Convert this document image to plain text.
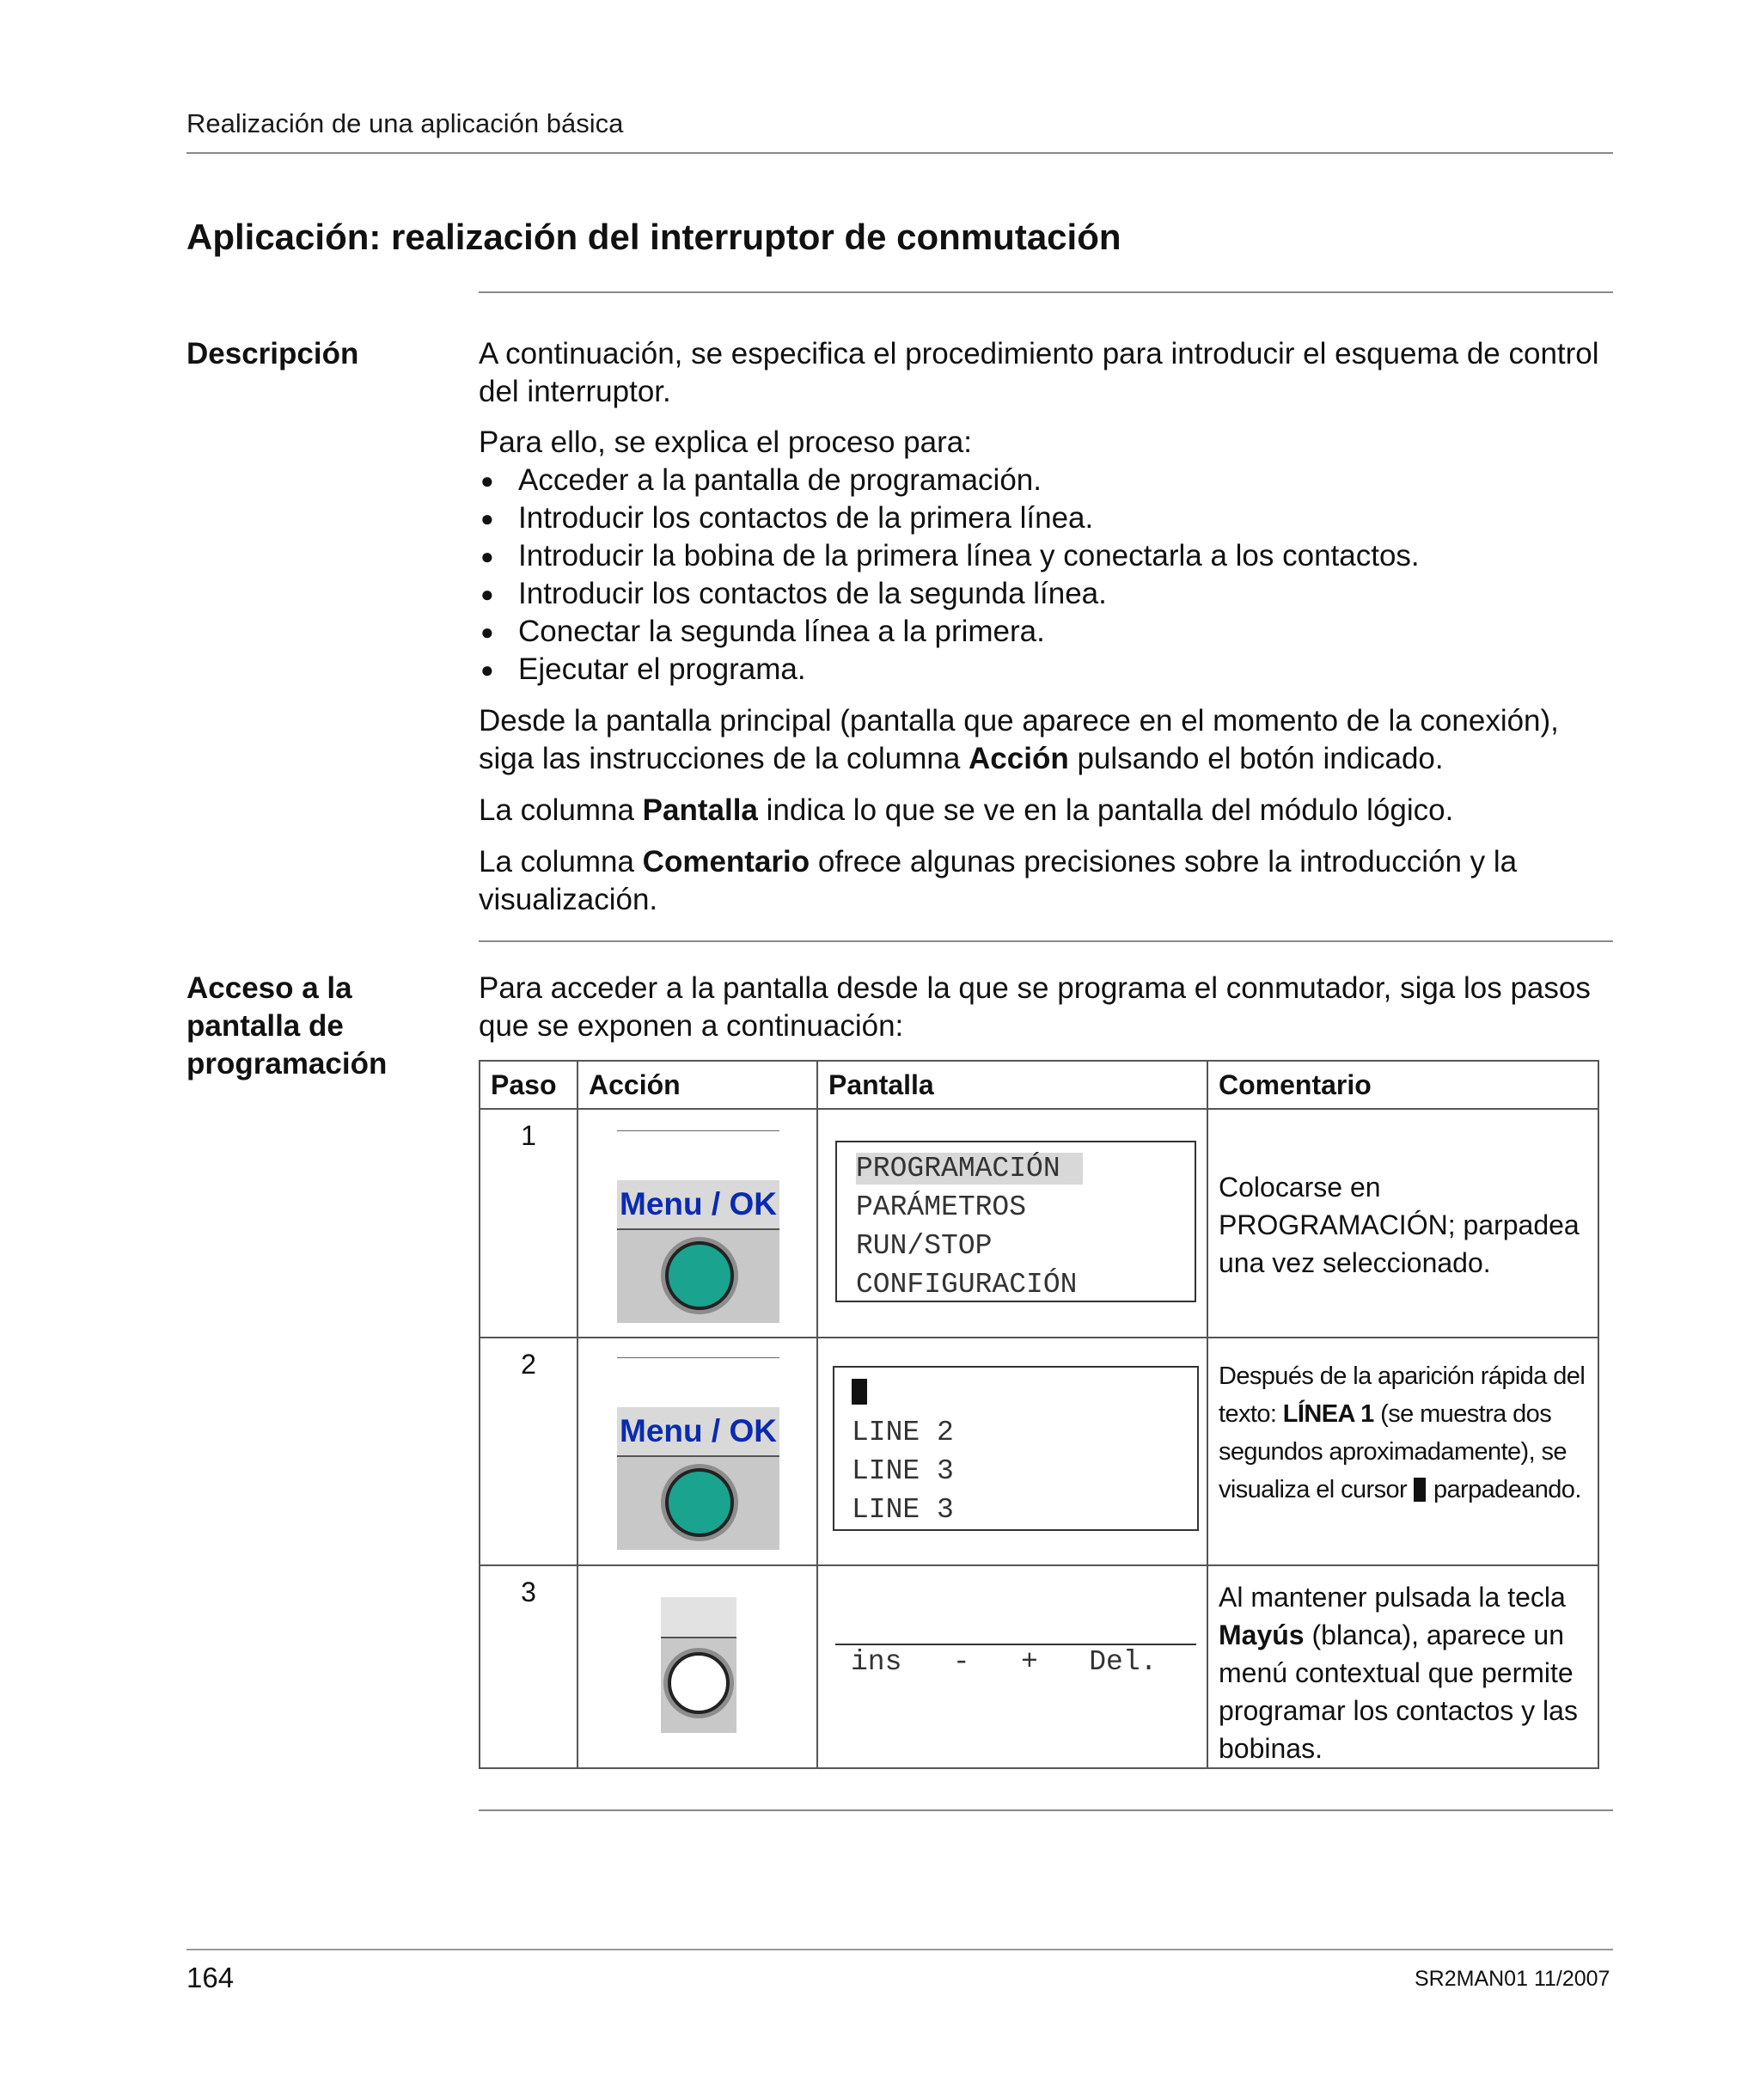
Realización de una aplicación básica
Aplicación: realización del interruptor de conmutación
Descripción	A continuación, se especifica el procedimiento para introducir el esquema de control del interruptor.
Para ello, se explica el proceso para:
● Acceder a la pantalla de programación.
● Introducir los contactos de la primera línea.
● Introducir la bobina de la primera línea y conectarla a los contactos.
● Introducir los contactos de la segunda línea.
● Conectar la segunda línea a la primera.
● Ejecutar el programa.
Desde la pantalla principal (pantalla que aparece en el momento de la conexión), siga las instrucciones de la columna Acción pulsando el botón indicado.
La columna Pantalla indica lo que se ve en la pantalla del módulo lógico.
La columna Comentario ofrece algunas precisiones sobre la introducción y la visualización.
Acceso a la
pantalla de
programación
Para acceder a la pantalla desde la que se programa el conmutador, siga los pasos que se exponen a continuación:
Paso	Acción	Pantalla	Comentario
1	Menu / OK	PROGRAMACIÓN
PARÁMETROS
RUN/STOP
CONFIGURACIÓN	Colocarse en PROGRAMACIÓN; parpadea una vez seleccionado.

2	Menu / OK	LINE 2
LINE 3
LINE 3	Después de la aparición rápida del texto: LÍNEA 1 (se muestra dos segundos aproximadamente), se visualiza el cursor  parpadeando.

3		ins   -   +   Del.	Al mantener pulsada la tecla Mayús (blanca), aparece un menú contextual que permite programar los contactos y las bobinas.
164	SR2MAN01 11/2007
